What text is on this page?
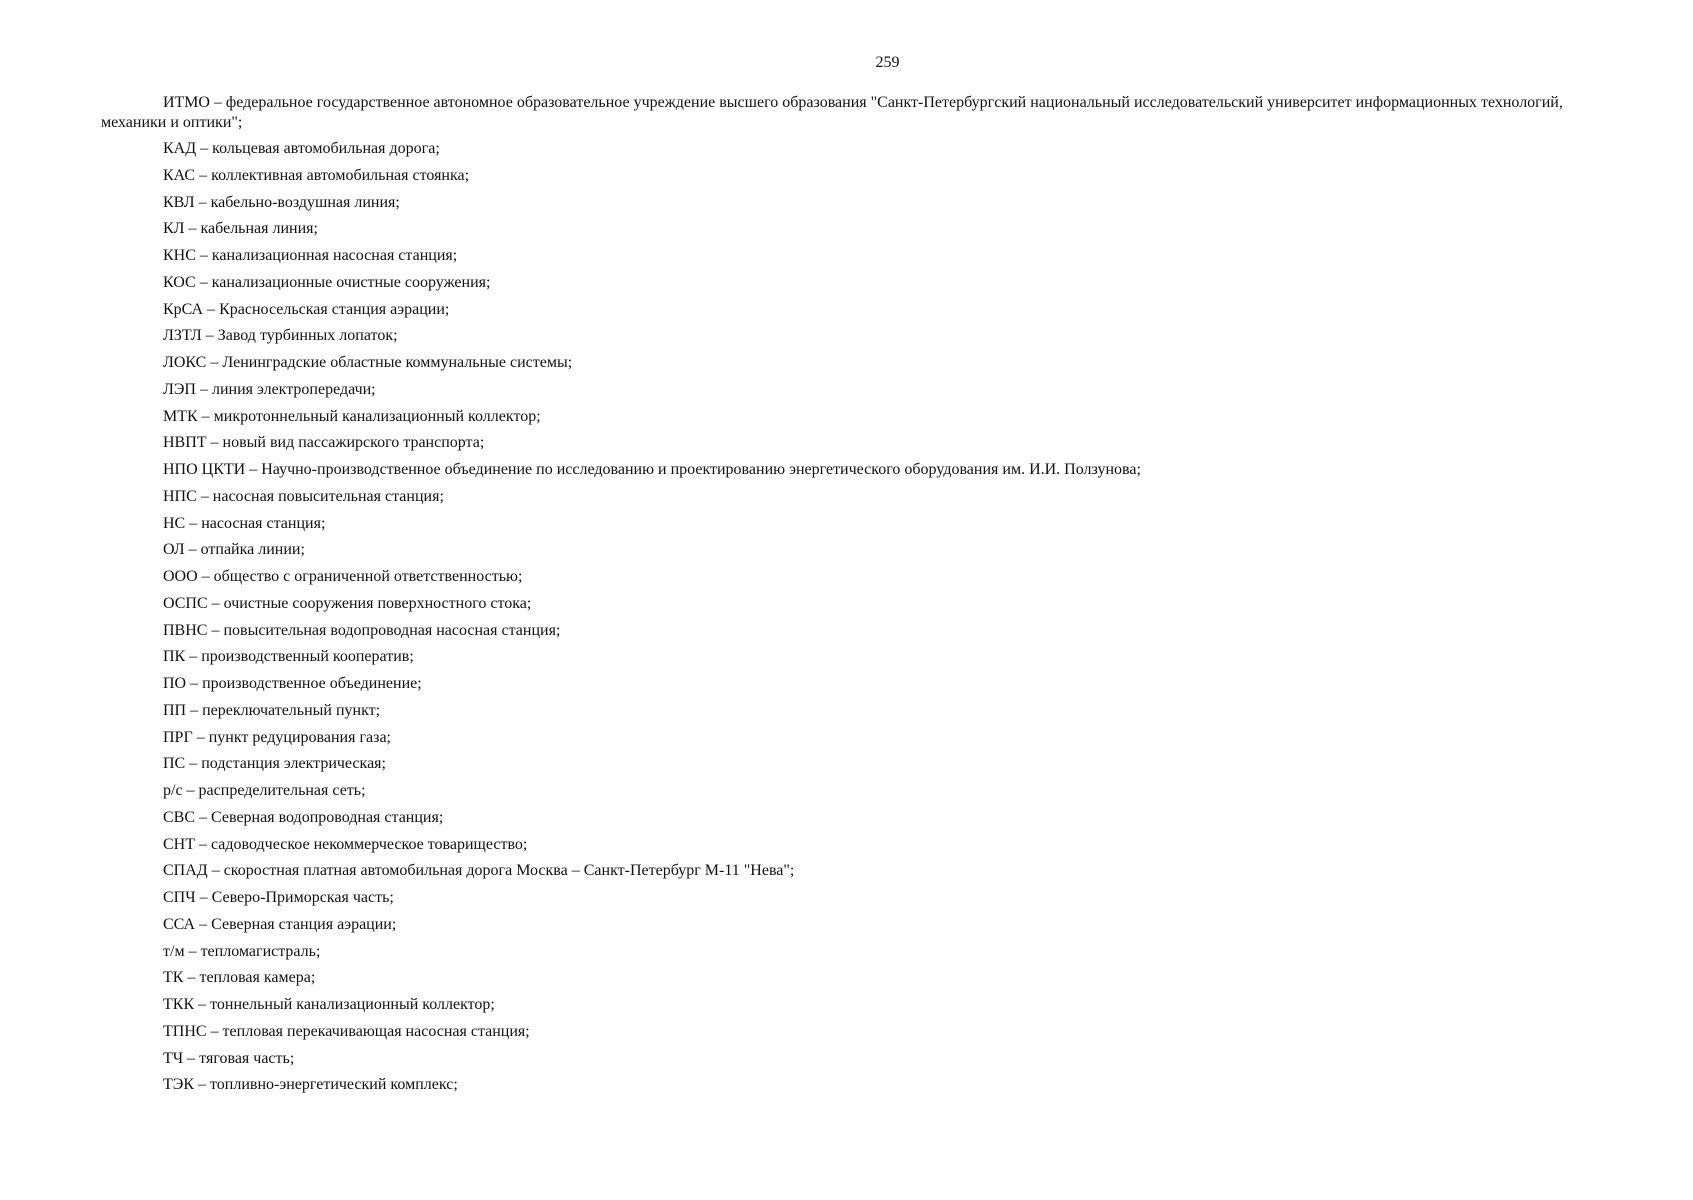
259

ИТМО – федеральное государственное автономное образовательное учреждение высшего образования "Санкт-Петербургский национальный исследовательский университет информационных технологий, механики и оптики";

КАД – кольцевая автомобильная дорога;
КАС – коллективная автомобильная стоянка;
КВЛ – кабельно-воздушная линия;
КЛ – кабельная линия;
КНС – канализационная насосная станция;
КОС – канализационные очистные сооружения;
КрСА – Красносельская станция аэрации;
ЛЗТЛ – Завод турбинных лопаток;
ЛОКС – Ленинградские областные коммунальные системы;
ЛЭП – линия электропередачи;
МТК – микротоннельный канализационный коллектор;
НВПТ – новый вид пассажирского транспорта;
НПО ЦКТИ – Научно-производственное объединение по исследованию и проектированию энергетического оборудования им. И.И. Ползунова;
НПС – насосная повысительная станция;
НС – насосная станция;
ОЛ – отпайка линии;
ООО – общество с ограниченной ответственностью;
ОСПС – очистные сооружения поверхностного стока;
ПВНС – повысительная водопроводная насосная станция;
ПК – производственный кооператив;
ПО – производственное объединение;
ПП – переключательный пункт;
ПРГ – пункт редуцирования газа;
ПС – подстанция электрическая;
р/с – распределительная сеть;
СВС – Северная водопроводная станция;
СНТ – садоводческое некоммерческое товарищество;
СПАД – скоростная платная автомобильная дорога Москва – Санкт-Петербург М-11 "Нева";
СПЧ – Северо-Приморская часть;
ССА – Северная станция аэрации;
т/м – тепломагистраль;
ТК – тепловая камера;
ТКК – тоннельный канализационный коллектор;
ТПНС – тепловая перекачивающая насосная станция;
ТЧ – тяговая часть;
ТЭК – топливно-энергетический комплекс;
